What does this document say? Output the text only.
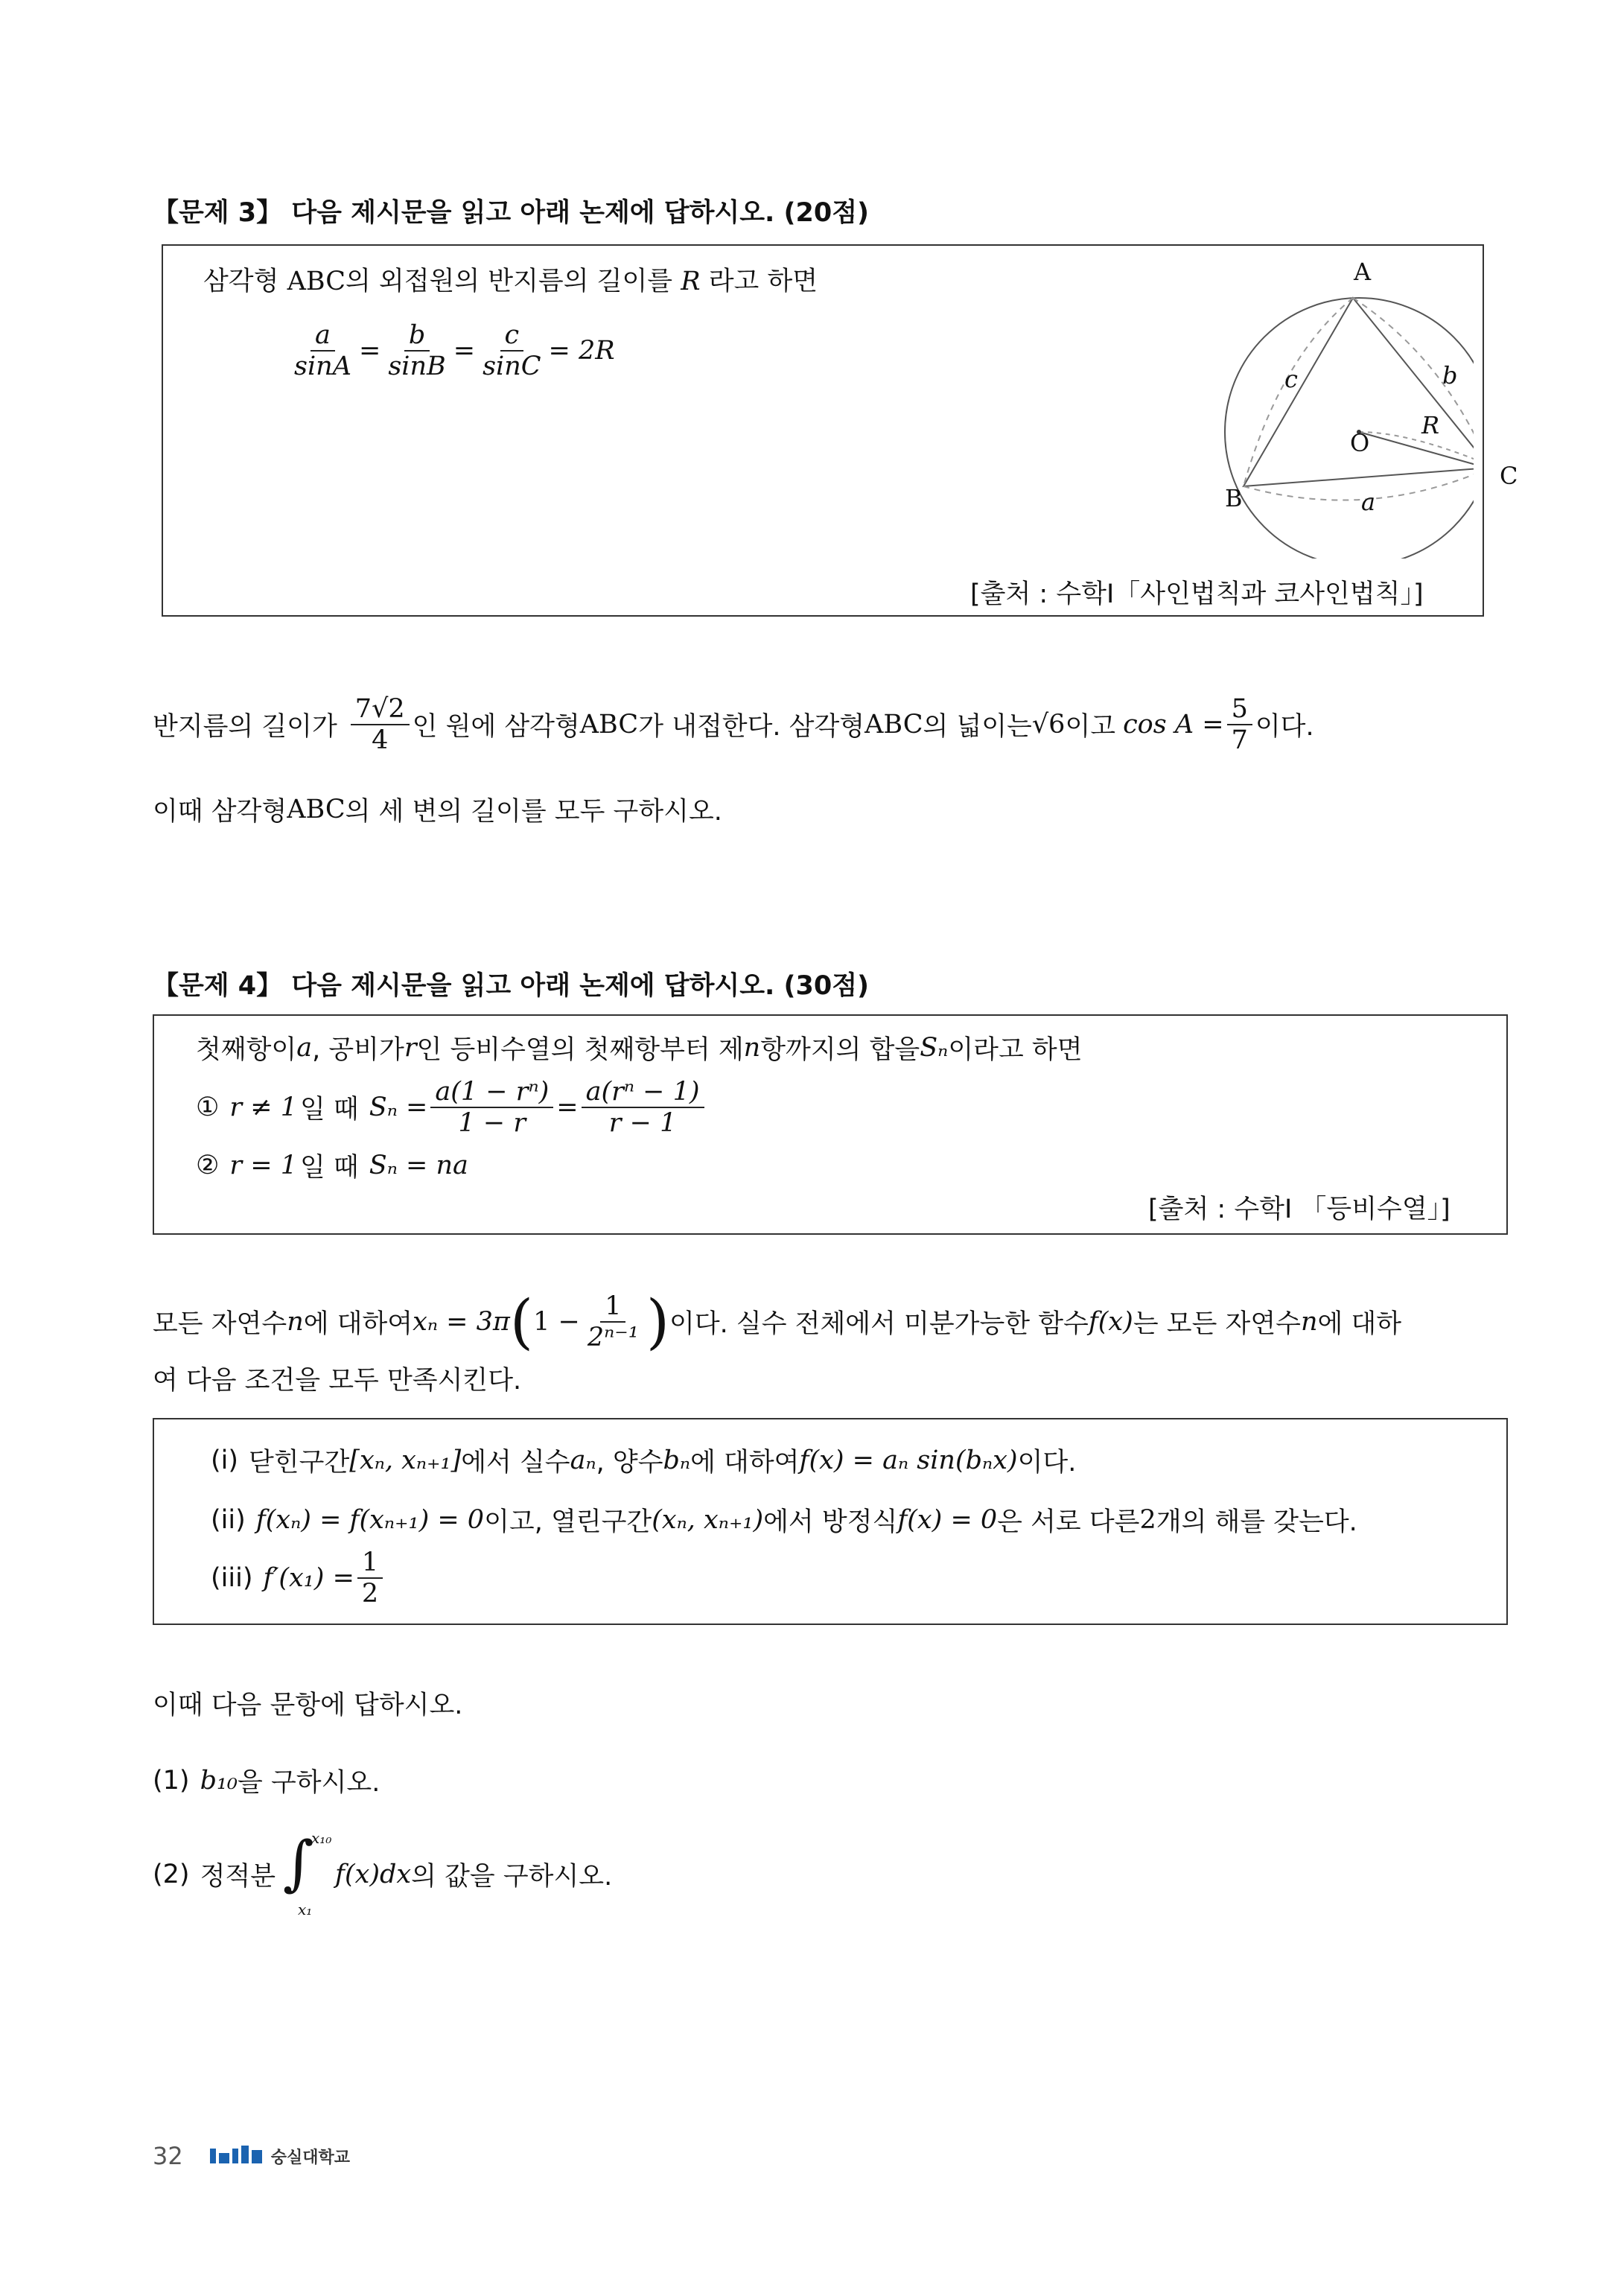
【문제 3】 다음 제시문을 읽고 아래 논제에 답하시오. (20점)
삼각형 ABC의 외접원의 반지름의 길이를 R 라고 하면
$\frac{a}{\sin A} = \frac{b}{\sin B} = \frac{c}{\sin C} = 2R$
A
B
C
O
a
b
c
R
[출처 : 수학Ⅰ「사인법칙과 코사인법칙」]
반지름의 길이가 $\frac{7√2}{4}$ 인 원에 삼각형 ABC 가 내접한다. 삼각형 ABC 의 넓이는 √6 이고 $\cos A = \frac{5}{7}$ 이다.
이때 삼각형 ABC 의 세 변의 길이를 모두 구하시오.
【문제 4】 다음 제시문을 읽고 아래 논제에 답하시오. (30점)
첫째항이 a , 공비가 r 인 등비수열의 첫째항부터 제 n 항까지의 합을 Sₙ 이라고 하면
① r ≠ 1 일 때 $S_n = \frac{\text{a(1 − rⁿ)}}{1 - r} = \frac{\text{a(rⁿ − 1)}}{r - 1}$
② r = 1 일 때 Sₙ = na
[출처 : 수학Ⅰ 「등비수열」]
모든 자연수 n 에 대하여 xₙ = 3π ( $1 - \frac{1}{\text{2ⁿ⁻¹}}$ ) 이다. 실수 전체에서 미분가능한 함수 f(x) 는 모든 자연수 n 에 대하
여 다음 조건을 모두 만족시킨다.
(i) 닫힌구간 [xₙ, xₙ₊₁] 에서 실수 aₙ , 양수 bₙ 에 대하여 f(x) = aₙ sin(bₙx) 이다.
(ii) f(xₙ) = f(xₙ₊₁) = 0 이고, 열린구간 (xₙ, xₙ₊₁) 에서 방정식 f(x) = 0 은 서로 다른 2 개의 해를 갖는다.
(iii) $f'(x_1) = \frac{1}{2}$
이때 다음 문항에 답하시오.
(1) b₁₀ 을 구하시오.
(2) 정적분 ∫
x₁₀
x₁
f(x)dx 의 값을 구하시오.
32	숭실대학교
